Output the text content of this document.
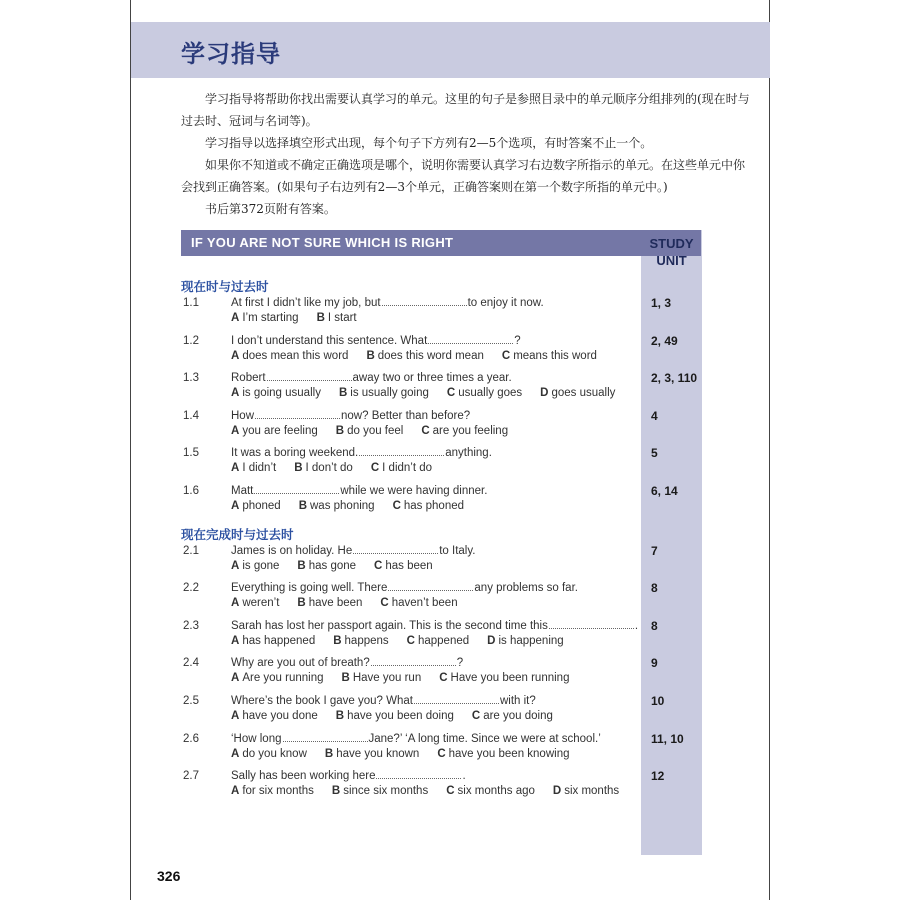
学习指导

学习指导将帮助你找出需要认真学习的单元。这里的句子是参照目录中的单元顺序分组排列的(现在时与过去时、冠词与名词等)。

学习指导以选择填空形式出现，每个句子下方列有2—5个选项，有时答案不止一个。

如果你不知道或不确定正确选项是哪个，说明你需要认真学习右边数字所指示的单元。在这些单元中你会找到正确答案。(如果句子右边列有2—3个单元，正确答案则在第一个数字所指的单元中。)

书后第372页附有答案。

IF YOU ARE NOT SURE WHICH IS RIGHT	STUDY
UNIT
现在时与过去时
1.1	At first I didn’t like my job, but	to enjoy it now.
A I’m starting B I start
1, 3
1.2	I don’t understand this sentence. What	?
A does mean this word B does this word mean C means this word
2, 49
1.3	Robert	away two or three times a year.
A is going usually B is usually going C usually goes D goes usually
2, 3, 110
1.4	How	now? Better than before?
A you are feeling B do you feel C are you feeling
4
1.5	It was a boring weekend.	anything.
A I didn’t B I don’t do C I didn’t do
5
1.6	Matt	while we were having dinner.
A phoned B was phoning C has phoned
6, 14
现在完成时与过去时
2.1	James is on holiday. He	to Italy.
A is gone B has gone C has been
7
2.2	Everything is going well. There	any problems so far.
A weren’t B have been C haven’t been
8
2.3	Sarah has lost her passport again. This is the second time this	.
A has happened B happens C happened D is happening
8
2.4	Why are you out of breath?	?
A Are you running B Have you run C Have you been running
9
2.5	Where’s the book I gave you? What	with it?
A have you done B have you been doing C are you doing
10
2.6	‘How long	Jane?’ ‘A long time. Since we were at school.’
A do you know B have you known C have you been knowing
11, 10
2.7	Sally has been working here	.
A for six months B since six months C six months ago D six months
12
326
